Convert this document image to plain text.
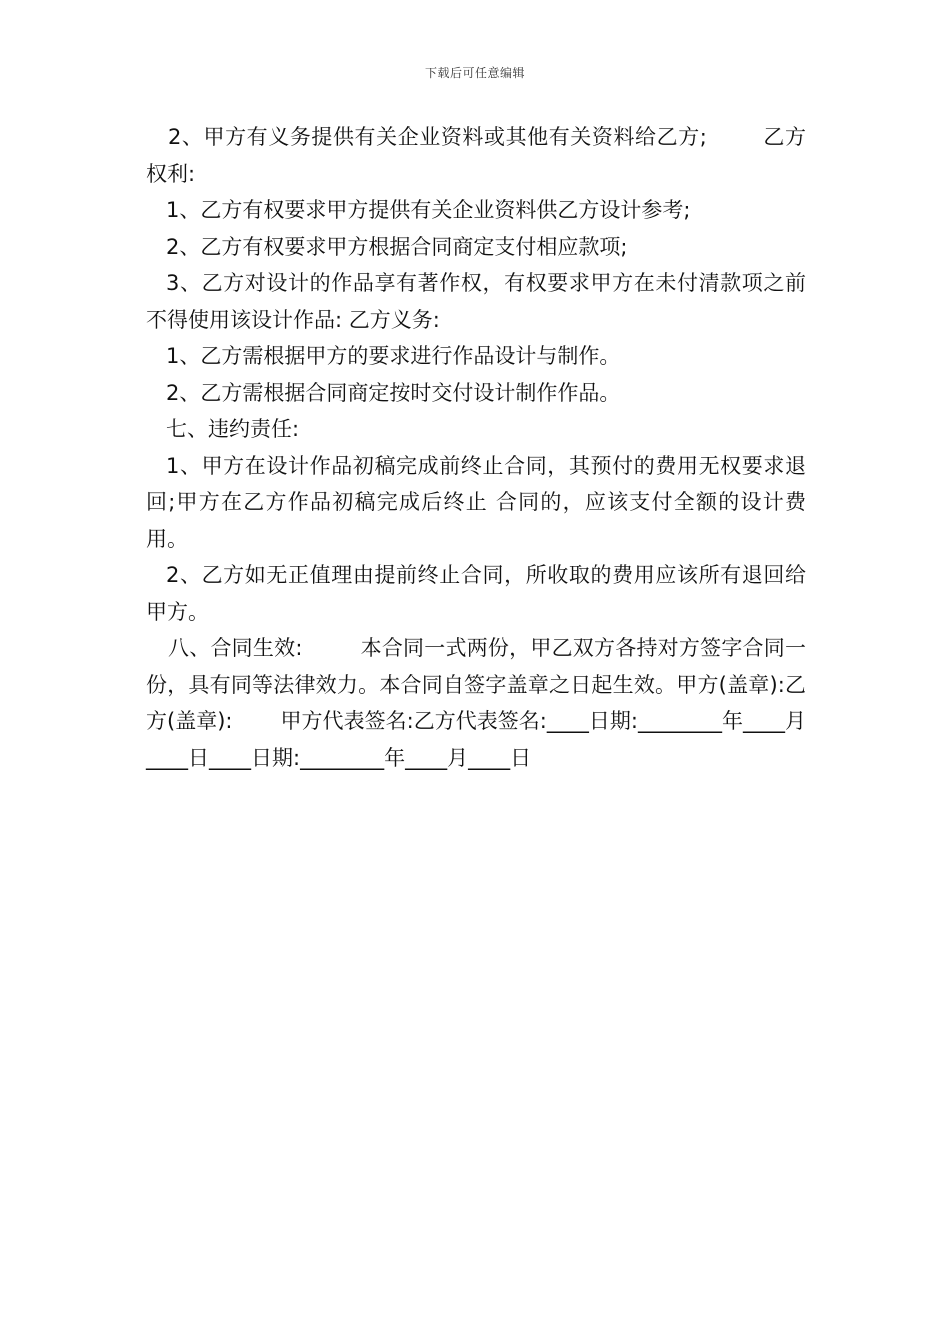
下载后可任意编辑

2、甲方有义务提供有关企业资料或其他有关资料给乙方;	乙方权利:

1、乙方有权要求甲方提供有关企业资料供乙方设计参考;

2、乙方有权要求甲方根据合同商定支付相应款项;

3、乙方对设计的作品享有著作权，有权要求甲方在未付清款项之前不得使用该设计作品: 乙方义务:

1、乙方需根据甲方的要求进行作品设计与制作。

2、乙方需根据合同商定按时交付设计制作作品。

七、违约责任:

1、甲方在设计作品初稿完成前终止合同，其预付的费用无权要求退回;甲方在乙方作品初稿完成后终止 合同的，应该支付全额的设计费用。

2、乙方如无正值理由提前终止合同，所收取的费用应该所有退回给甲方。

八、合同生效:	本合同一式两份，甲乙双方各持对方签字合同一份，具有同等法律效力。本合同自签字盖章之日起生效。甲方(盖章):乙方(盖章): 甲方代表签名:乙方代表签名:____日期:________年____月____日____日期:________年____月____日
